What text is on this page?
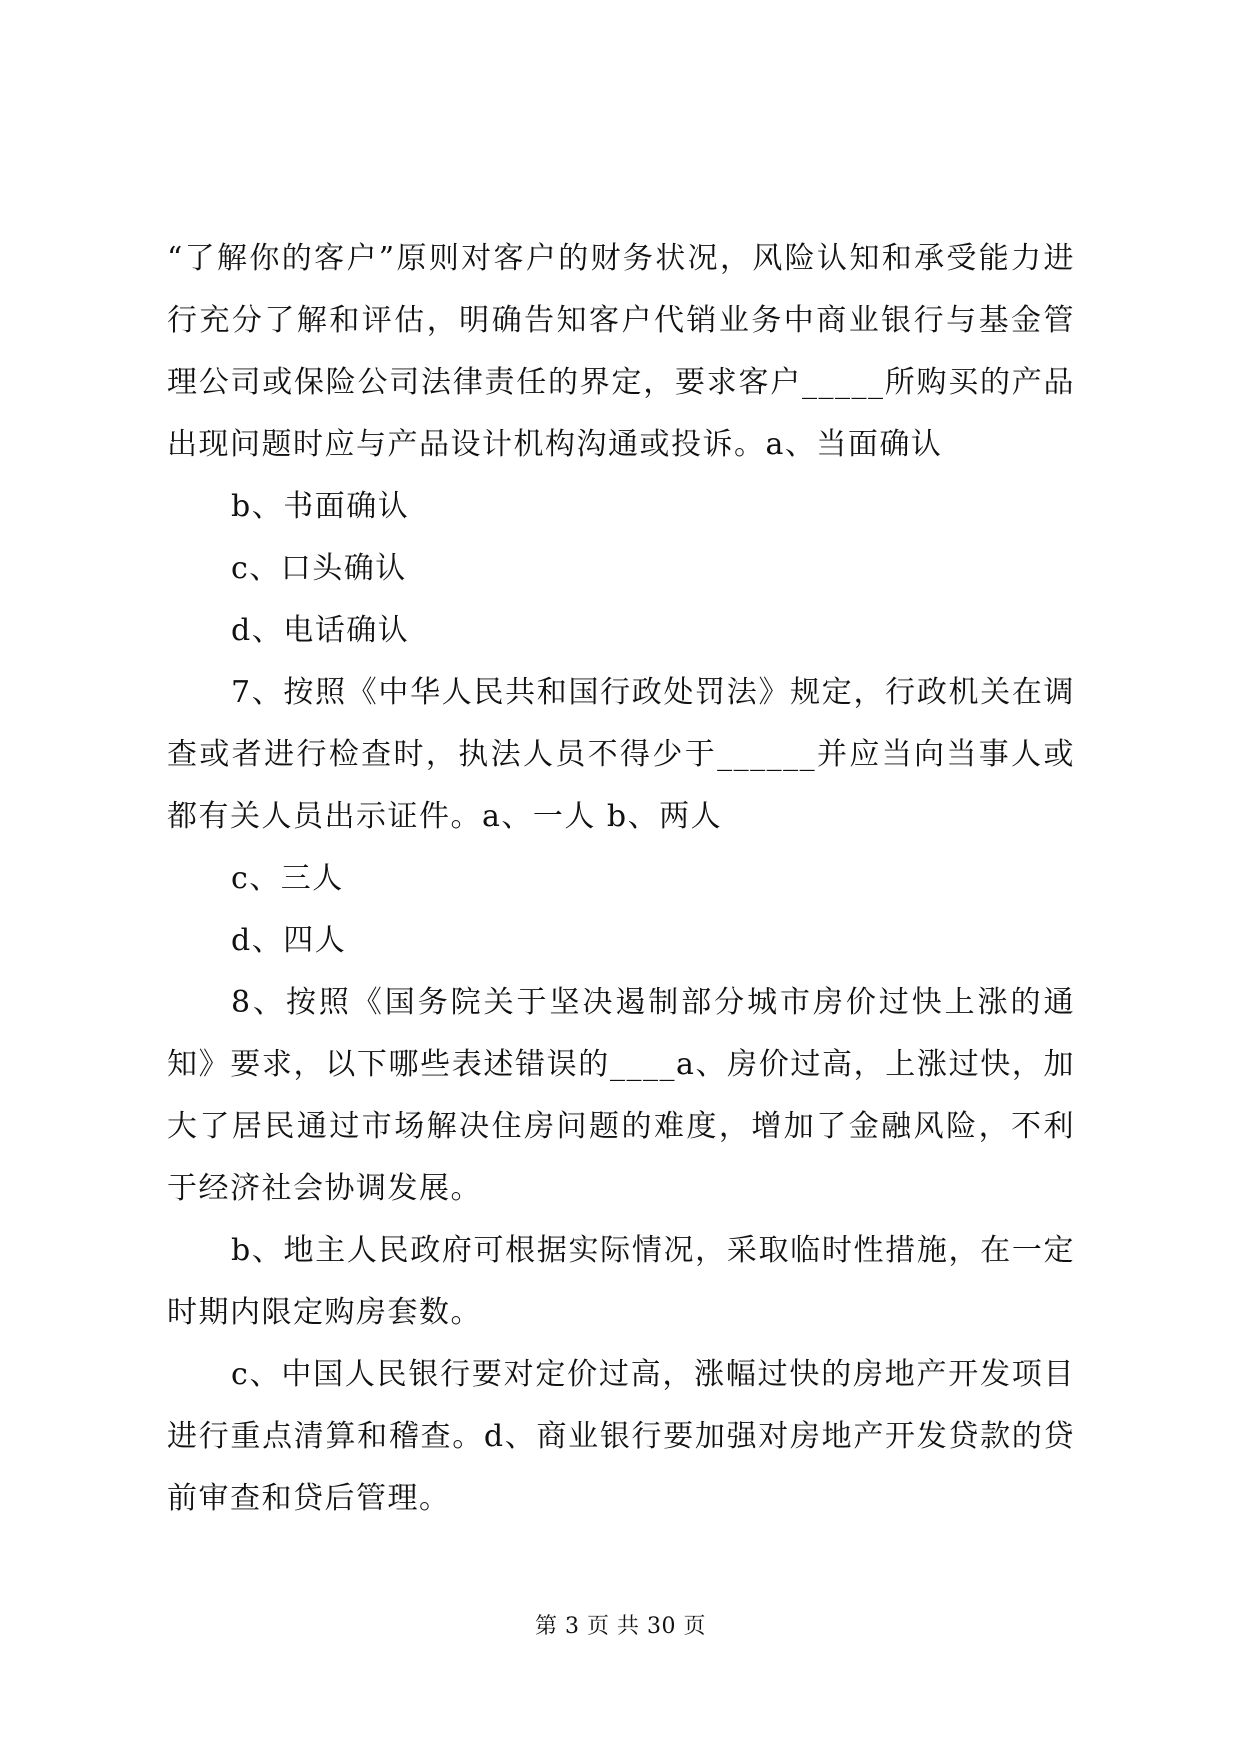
“了解你的客户”原则对客户的财务状况，风险认知和承受能力进行充分了解和评估，明确告知客户代销业务中商业银行与基金管理公司或保险公司法律责任的界定，要求客户_____所购买的产品出现问题时应与产品设计机构沟通或投诉。a、当面确认

b、书面确认

c、口头确认

d、电话确认

7、按照《中华人民共和国行政处罚法》规定，行政机关在调查或者进行检查时，执法人员不得少于______并应当向当事人或都有关人员出示证件。a、一人 b、两人

c、三人

d、四人

8、按照《国务院关于坚决遏制部分城市房价过快上涨的通知》要求，以下哪些表述错误的____a、房价过高，上涨过快，加大了居民通过市场解决住房问题的难度，增加了金融风险，不利于经济社会协调发展。

b、地主人民政府可根据实际情况，采取临时性措施，在一定时期内限定购房套数。

c、中国人民银行要对定价过高，涨幅过快的房地产开发项目进行重点清算和稽查。d、商业银行要加强对房地产开发贷款的贷前审查和贷后管理。

第 3 页 共 30 页
